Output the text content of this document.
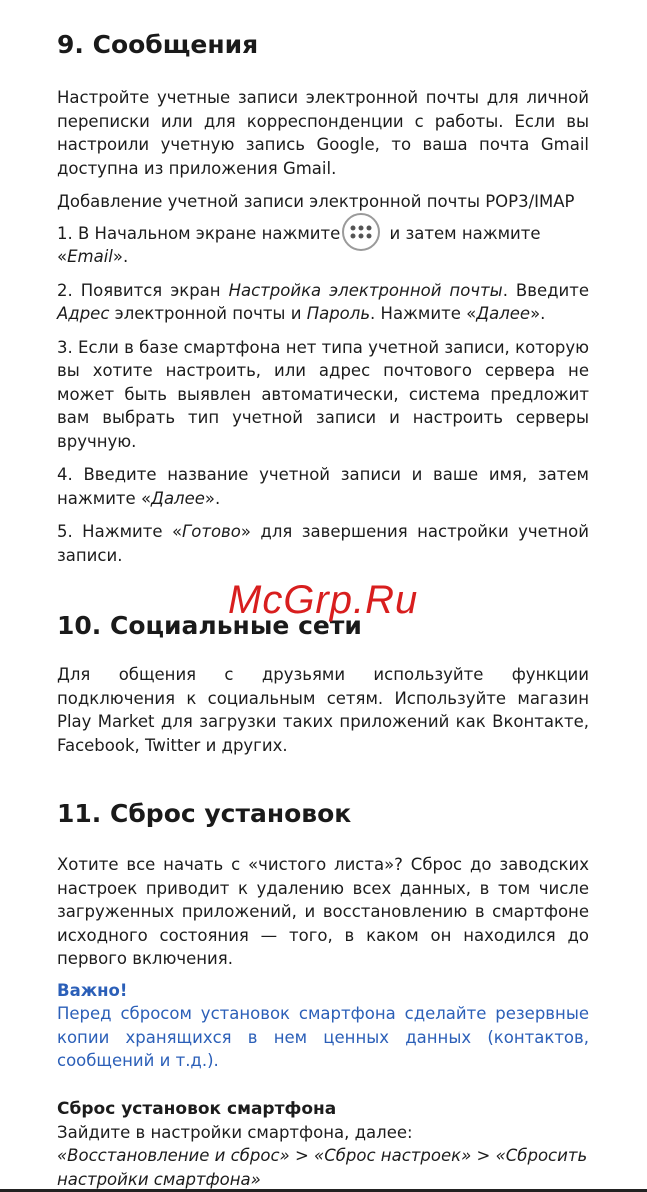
9. Сообщения

Настройте учетные записи электронной почты для личной переписки или для корреспонденции с работы. Если вы настроили учетную запись Google, то ваша почта Gmail доступна из приложения Gmail.

Добавление учетной записи электронной почты POP3/IMAP

1. В Начальном экране нажмите	и затем нажмите «Email».

2. Появится экран Настройка электронной почты. Введите Адрес электронной почты и Пароль. Нажмите «Далее».

3. Если в базе смартфона нет типа учетной записи, которую вы хотите настроить, или адрес почтового сервера не может быть выявлен автоматически, система предложит вам выбрать тип учетной записи и настроить серверы вручную.

4. Введите название учетной записи и ваше имя, затем нажмите «Далее».

5. Нажмите «Готово» для завершения настройки учетной записи.

10. Социальные сети

Для общения с друзьями используйте функции подключения к социальным сетям. Используйте магазин Play Market для загрузки таких приложений как Вконтакте, Facebook, Twitter и других.

11. Сброс установок

Хотите все начать с «чистого листа»? Сброс до заводских настроек приводит к удалению всех данных, в том числе загруженных приложений, и восстановлению в смартфоне исходного состояния — того, в каком он находился до первого включения.

Важно!

Перед сбросом установок смартфона сделайте резервные копии хранящихся в нем ценных данных (контактов, сообщений и т.д.).

Сброс установок смартфона

Зайдите в настройки смартфона, далее:

«Восстановление и сброс» > «Сброс настроек» > «Сбросить настройки смартфона»

McGrp.Ru
